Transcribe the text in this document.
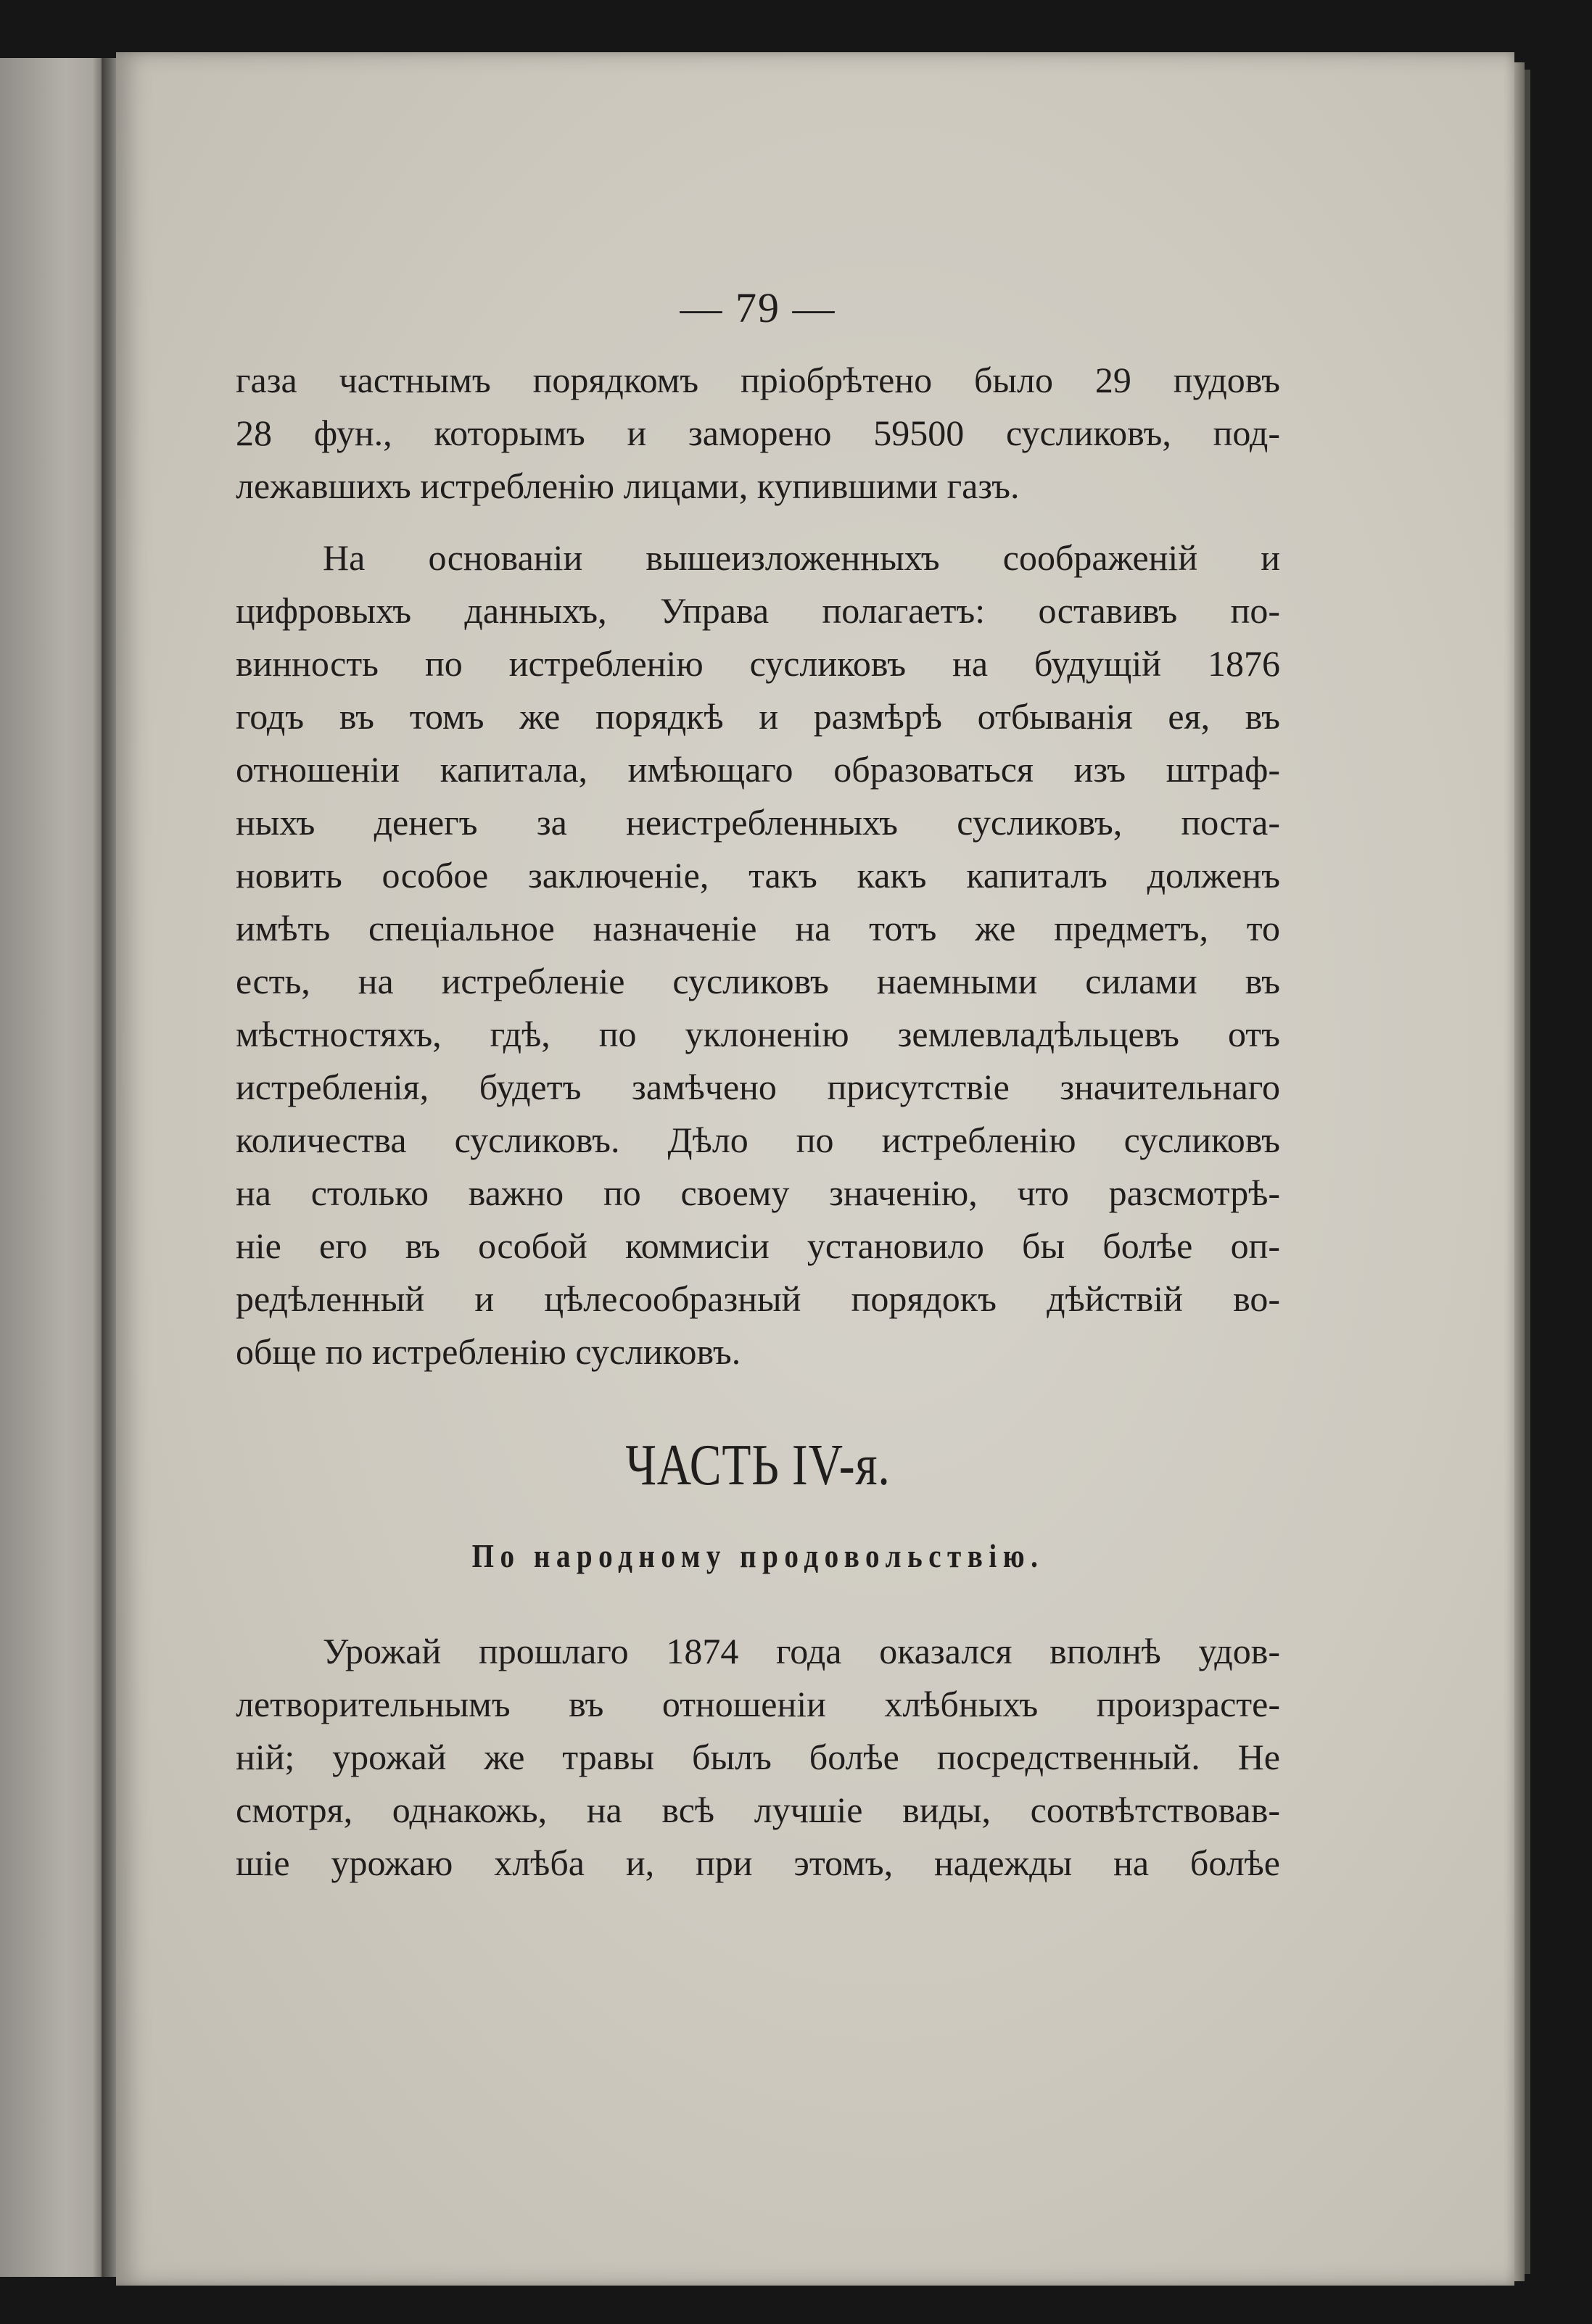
— 79 —
газа частнымъ порядкомъ пріобрѣтено было 29 пудовъ
28 фун., которымъ и заморено 59500 сусликовъ, под-
лежавшихъ истребленію лицами, купившими газъ.
На основаніи вышеизложенныхъ соображеній и
цифровыхъ данныхъ, Управа полагаетъ: оставивъ по-
винность по истребленію сусликовъ на будущій 1876
годъ въ томъ же порядкѣ и размѣрѣ отбыванія ея, въ
отношеніи капитала, имѣющаго образоваться изъ штраф-
ныхъ денегъ за неистребленныхъ сусликовъ, поста-
новить особое заключеніе, такъ какъ капиталъ долженъ
имѣть спеціальное назначеніе на тотъ же предметъ, то
есть, на истребленіе сусликовъ наемными силами въ
мѣстностяхъ, гдѣ, по уклоненію землевладѣльцевъ отъ
истребленія, будетъ замѣчено присутствіе значительнаго
количества сусликовъ. Дѣло по истребленію сусликовъ
на столько важно по своему значенію, что разсмотрѣ-
ніе его въ особой коммисіи установило бы болѣе оп-
редѣленный и цѣлесообразный порядокъ дѣйствій во-
обще по истребленію сусликовъ.
ЧАСТЬ IV-я.
По народному продовольствію.
Урожай прошлаго 1874 года оказался вполнѣ удов-
летворительнымъ въ отношеніи хлѣбныхъ произрасте-
ній; урожай же травы былъ болѣе посредственный. Не
смотря, однакожь, на всѣ лучшіе виды, соотвѣтствовав-
шіе урожаю хлѣба и, при этомъ, надежды на болѣе
